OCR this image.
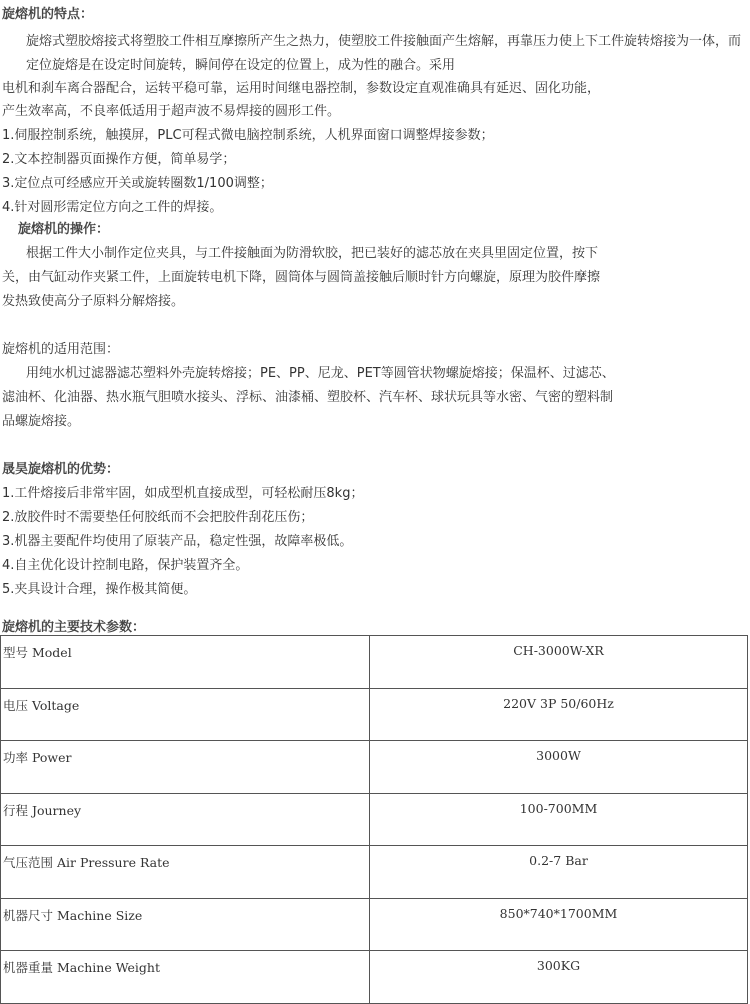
旋熔机的特点：
旋熔式塑胶熔接式将塑胶工件相互摩擦所产生之热力，使塑胶工件接触面产生熔解，再靠压力使上下工件旋转熔接为一体，而定位旋熔是在设定时间旋转，瞬间停在设定的位置上，成为性的融合。采用
电机和刹车离合器配合，运转平稳可靠，运用时间继电器控制，参数设定直观准确具有延迟、固化功能，
产生效率高，不良率低适用于超声波不易焊接的圆形工件。
1.伺服控制系统，触摸屏，PLC可程式微电脑控制系统，人机界面窗口调整焊接参数；
2.文本控制器页面操作方便，简单易学；
3.定位点可经感应开关或旋转圈数1/100调整；
4.针对圆形需定位方向之工件的焊接。
旋熔机的操作：
根据工件大小制作定位夹具，与工件接触面为防滑软胶，把已装好的滤芯放在夹具里固定位置，按下
关，由气缸动作夹紧工件，上面旋转电机下降，圆筒体与圆筒盖接触后顺时针方向螺旋，原理为胶件摩擦
发热致使高分子原料分解熔接。
旋熔机的适用范围：
用纯水机过滤器滤芯塑料外壳旋转熔接；PE、PP、尼龙、PET等圆管状物螺旋熔接；保温杯、过滤芯、
滤油杯、化油器、热水瓶气胆喷水接头、浮标、油漆桶、塑胶杯、汽车杯、球状玩具等水密、气密的塑料制
品螺旋熔接。
晟昊旋熔机的优势：
1.工件熔接后非常牢固，如成型机直接成型，可轻松耐压8kg；
2.放胶件时不需要垫任何胶纸而不会把胶件刮花压伤；
3.机器主要配件均使用了原装产品，稳定性强，故障率极低。
4.自主优化设计控制电路，保护装置齐全。
5.夹具设计合理，操作极其简便。
旋熔机的主要技术参数：
型号 Model	CH-3000W-XR
电压 Voltage	220V 3P 50/60Hz
功率 Power	3000W
行程 Journey	100-700MM
气压范围 Air Pressure Rate	0.2-7 Bar
机器尺寸 Machine Size	850*740*1700MM
机器重量 Machine Weight	300KG
